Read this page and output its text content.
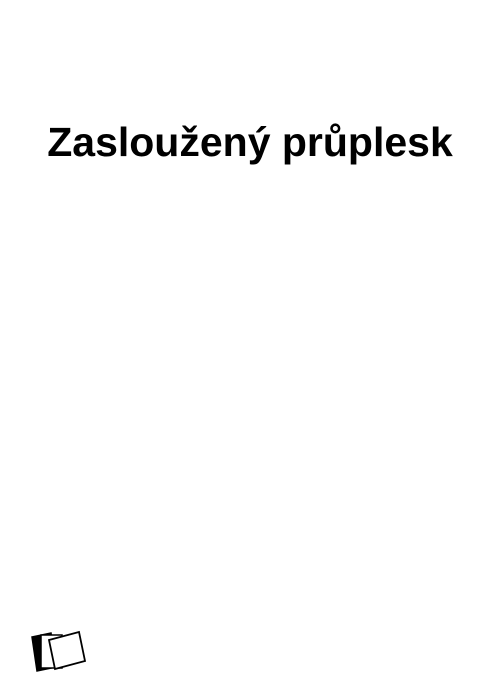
Zasloužený průplesk
